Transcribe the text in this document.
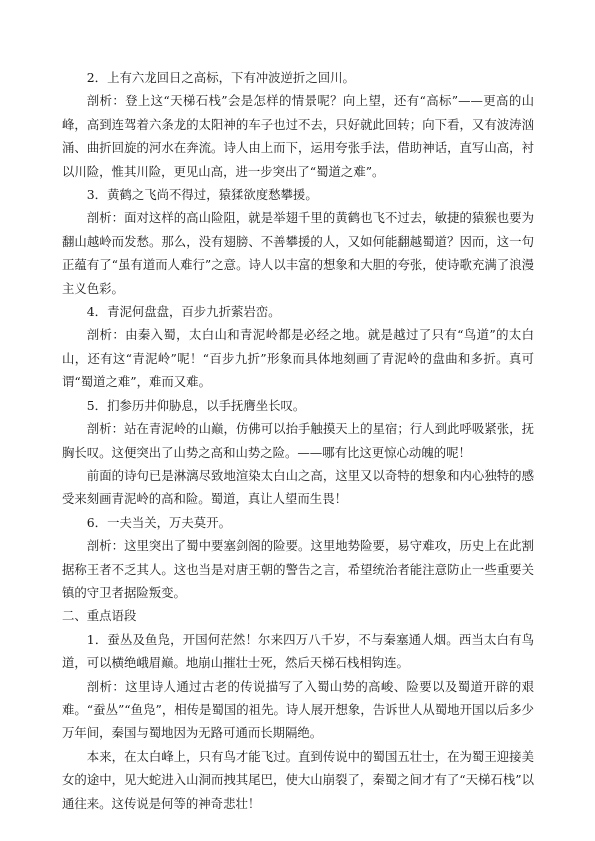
2．上有六龙回日之高标，下有冲波逆折之回川。

剖析：登上这“天梯石栈”会是怎样的情景呢？向上望，还有“高标”——更高的山峰，高到连驾着六条龙的太阳神的车子也过不去，只好就此回转；向下看，又有波涛汹涌、曲折回旋的河水在奔流。诗人由上而下，运用夸张手法，借助神话，直写山高，衬以川险，惟其川险，更见山高，进一步突出了“蜀道之难”。

3．黄鹤之飞尚不得过，猿猱欲度愁攀援。

剖析：面对这样的高山险阻，就是举翅千里的黄鹤也飞不过去，敏捷的猿猴也要为翻山越岭而发愁。那么，没有翅膀、不善攀援的人，又如何能翻越蜀道？因而，这一句正蕴有了“虽有道而人难行”之意。诗人以丰富的想象和大胆的夸张，使诗歌充满了浪漫主义色彩。

4．青泥何盘盘，百步九折萦岩峦。

剖析：由秦入蜀，太白山和青泥岭都是必经之地。就是越过了只有“鸟道”的太白山，还有这“青泥岭”呢！“百步九折”形象而具体地刻画了青泥岭的盘曲和多折。真可谓“蜀道之难”，难而又难。

5．扪参历井仰胁息，以手抚膺坐长叹。

剖析：站在青泥岭的山巅，仿佛可以抬手触摸天上的星宿；行人到此呼吸紧张，抚胸长叹。这便突出了山势之高和山势之险。——哪有比这更惊心动魄的呢！

前面的诗句已是淋漓尽致地渲染太白山之高，这里又以奇特的想象和内心独特的感受来刻画青泥岭的高和险。蜀道，真让人望而生畏！

6．一夫当关，万夫莫开。

剖析：这里突出了蜀中要塞剑阁的险要。这里地势险要，易守难攻，历史上在此割据称王者不乏其人。这也当是对唐王朝的警告之言，希望统治者能注意防止一些重要关镇的守卫者据险叛变。

二、重点语段

1．蚕丛及鱼凫，开国何茫然！尔来四万八千岁，不与秦塞通人烟。西当太白有鸟道，可以横绝峨眉巅。地崩山摧壮士死，然后天梯石栈相钩连。

剖析：这里诗人通过古老的传说描写了入蜀山势的高峻、险要以及蜀道开辟的艰难。“蚕丛”“鱼凫”，相传是蜀国的祖先。诗人展开想象，告诉世人从蜀地开国以后多少万年间，秦国与蜀地因为无路可通而长期隔绝。

本来，在太白峰上，只有鸟才能飞过。直到传说中的蜀国五壮士，在为蜀王迎接美女的途中，见大蛇进入山洞而拽其尾巴，使大山崩裂了，秦蜀之间才有了“天梯石栈”以通往来。这传说是何等的神奇悲壮！
